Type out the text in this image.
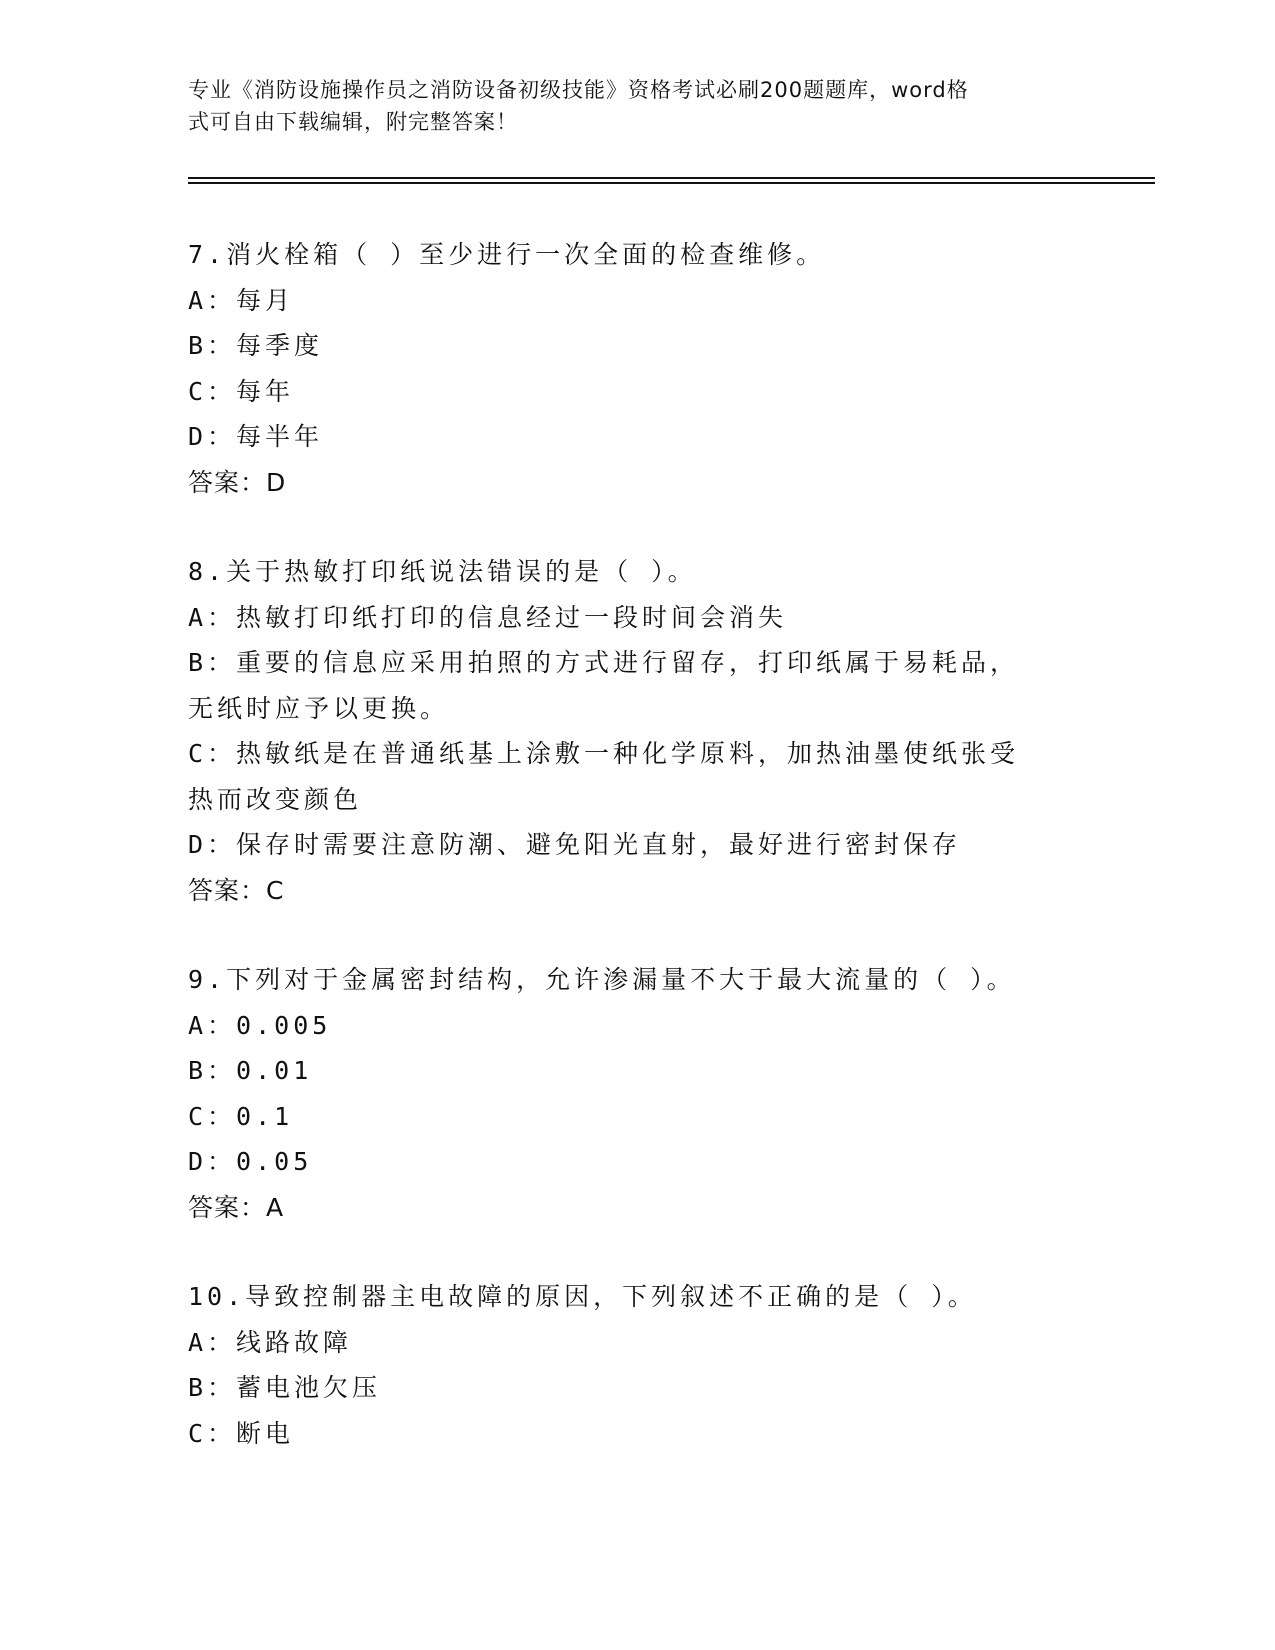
专业《消防设施操作员之消防设备初级技能》资格考试必刷200题题库，word格
式可自由下载编辑，附完整答案！
7.消火栓箱（ ）至少进行一次全面的检查维修。
A：每月
B：每季度
C：每年
D：每半年
答案：D
8.关于热敏打印纸说法错误的是（ ）。
A：热敏打印纸打印的信息经过一段时间会消失
B：重要的信息应采用拍照的方式进行留存，打印纸属于易耗品，无纸时应予以更换。
C：热敏纸是在普通纸基上涂敷一种化学原料，加热油墨使纸张受热而改变颜色
D：保存时需要注意防潮、避免阳光直射，最好进行密封保存
答案：C
9.下列对于金属密封结构，允许渗漏量不大于最大流量的（ ）。
A：0.005
B：0.01
C：0.1
D：0.05
答案：A
10.导致控制器主电故障的原因，下列叙述不正确的是（ ）。
A：线路故障
B：蓄电池欠压
C：断电
